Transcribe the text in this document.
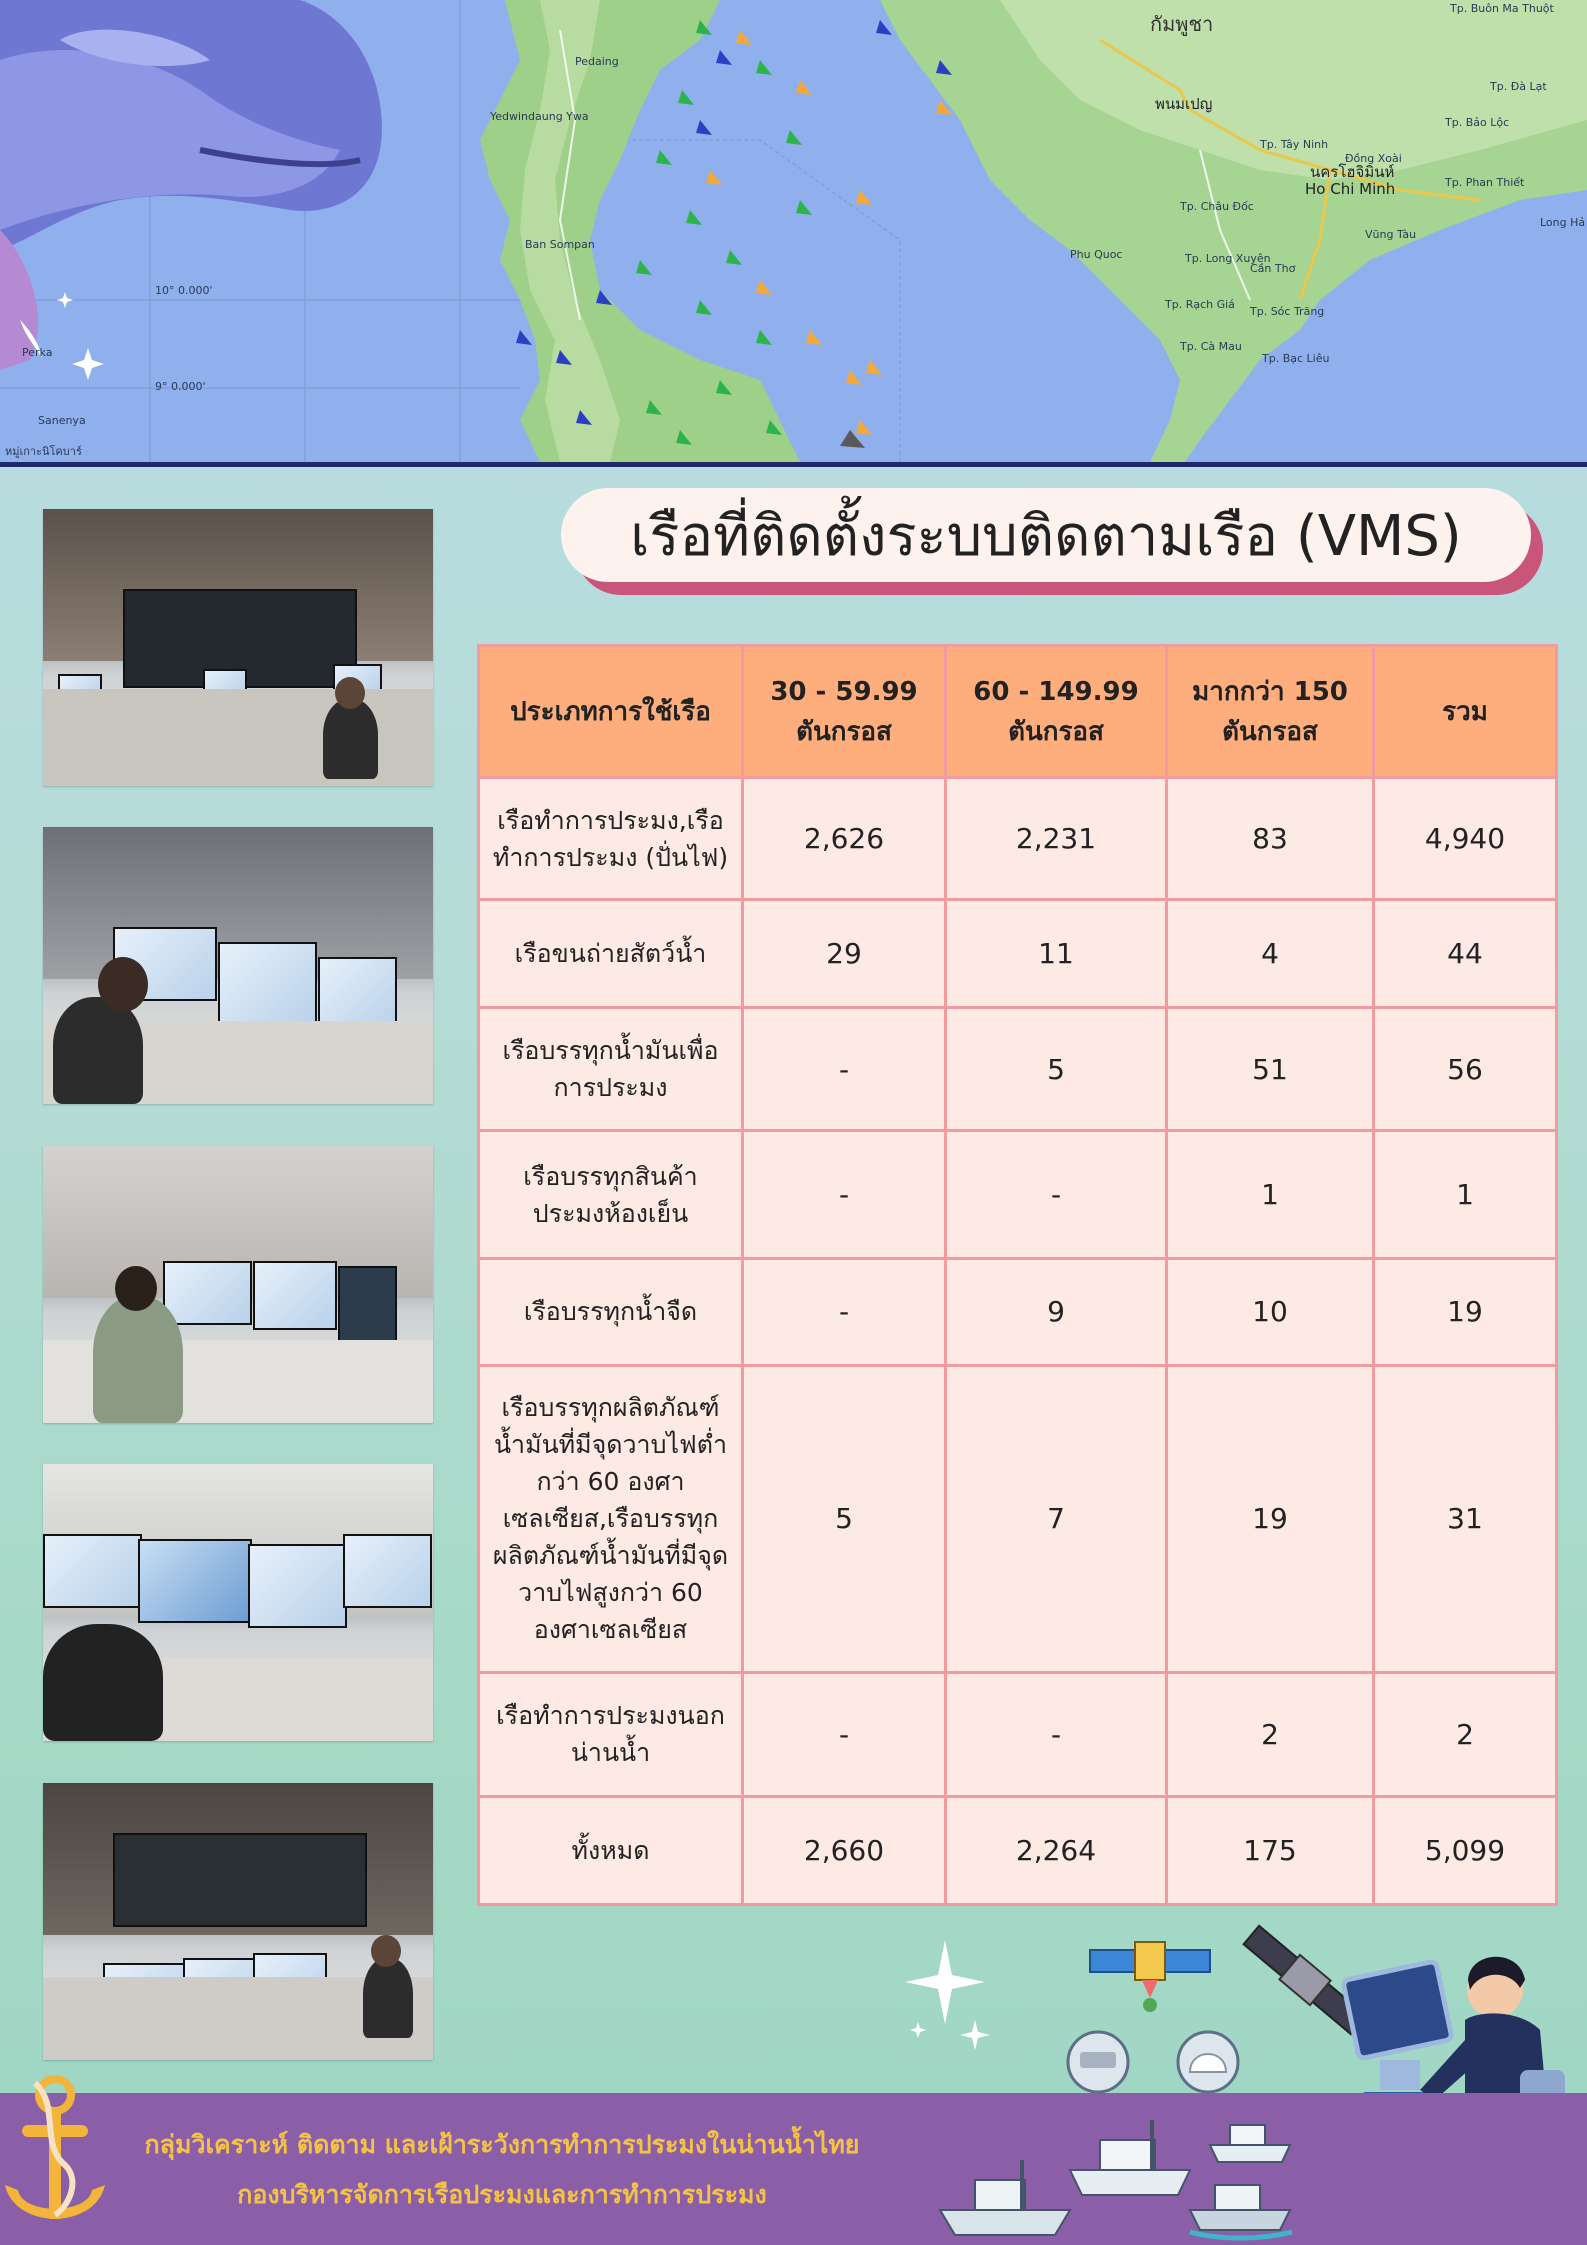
กัมพูชา
พนมเปญ
นครโฮจิมินห์
Ho Chi Minh
Yedwindaung Ywa
Pedaing
Ban Sompan
Perka
Sanenya
Phu Quoc
Tp. Tây Ninh
Tp. Phan Thiết
Vũng Tàu
Tp. Long Xuyên
Cần Thơ
Tp. Rạch Giá
Tp. Sóc Trăng
Tp. Cà Mau
Tp. Bạc Liêu
Long Hả
Tp. Bảo Lộc
Tp. Đà Lạt
Tp. Buôn Ma Thuột
Tp. Châu Đốc
Đồng Xoài
10° 0.000'
9° 0.000'
หมู่เกาะนิโคบาร์
เรือที่ติดตั้งระบบติดตามเรือ (VMS)
ประเภทการใช้เรือ	30 - 59.99 ตันกรอส	60 - 149.99 ตันกรอส	มากกว่า 150 ตันกรอส	รวม
เรือทำการประมง,เรือทำการประมง (ปั่นไฟ)	2,626	2,231	83	4,940
เรือขนถ่ายสัตว์น้ำ	29	11	4	44
เรือบรรทุกน้ำมันเพื่อการประมง	-	5	51	56
เรือบรรทุกสินค้าประมงห้องเย็น	-	-	1	1
เรือบรรทุกน้ำจืด	-	9	10	19
เรือบรรทุกผลิตภัณฑ์น้ำมันที่มีจุดวาบไฟต่ำกว่า 60 องศาเซลเซียส,เรือบรรทุกผลิตภัณฑ์น้ำมันที่มีจุดวาบไฟสูงกว่า 60 องศาเซลเซียส	5	7	19	31
เรือทำการประมงนอกน่านน้ำ	-	-	2	2
ทั้งหมด	2,660	2,264	175	5,099
กลุ่มวิเคราะห์ ติดตาม และเฝ้าระวังการทำการประมงในน่านน้ำไทย
กองบริหารจัดการเรือประมงและการทำการประมง
